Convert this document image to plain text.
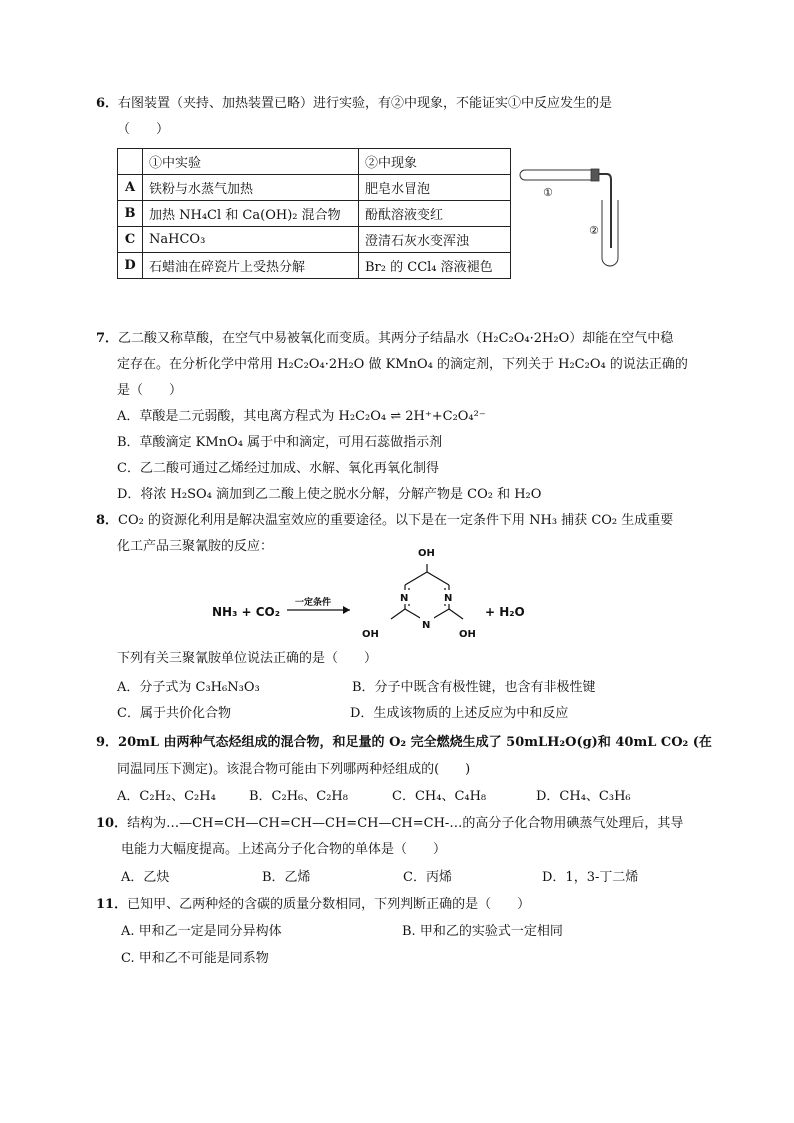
6．右图装置（夹持、加热装置已略）进行实验，有②中现象，不能证实①中反应发生的是
（　　）
	①中实验	②中现象
A	铁粉与水蒸气加热	肥皂水冒泡
B	加热 NH₄Cl 和 Ca(OH)₂ 混合物	酚酞溶液变红
C	NaHCO₃	澄清石灰水变浑浊
D	石蜡油在碎瓷片上受热分解	Br₂ 的 CCl₄ 溶液褪色
①
②
7．乙二酸又称草酸，在空气中易被氧化而变质。其两分子结晶水（H₂C₂O₄·2H₂O）却能在空气中稳
定存在。在分析化学中常用 H₂C₂O₄·2H₂O 做 KMnO₄ 的滴定剂，下列关于 H₂C₂O₄ 的说法正确的
是（　　）
A．草酸是二元弱酸，其电离方程式为 H₂C₂O₄ ⇌ 2H⁺+C₂O₄²⁻
B．草酸滴定 KMnO₄ 属于中和滴定，可用石蕊做指示剂
C．乙二酸可通过乙烯经过加成、水解、氧化再氧化制得
D．将浓 H₂SO₄ 滴加到乙二酸上使之脱水分解，分解产物是 CO₂ 和 H₂O
8．CO₂ 的资源化利用是解决温室效应的重要途径。以下是在一定条件下用 NH₃ 捕获 CO₂ 生成重要
化工产品三聚氰胺的反应：
NH₃ + CO₂
一定条件	N	N
N
OH
OH	OH
+ H₂O
下列有关三聚氰胺单位说法正确的是（　　）
A．分子式为 C₃H₆N₃O₃	B．分子中既含有极性键，也含有非极性键
C．属于共价化合物	D．生成该物质的上述反应为中和反应
9．20mL 由两种气态烃组成的混合物，和足量的 O₂ 完全燃烧生成了 50mLH₂O(g)和 40mL CO₂ (在
同温同压下测定)。该混合物可能由下列哪两种烃组成的(　　)
A．C₂H₂、C₂H₄	B．C₂H₆、C₂H₈	C．CH₄、C₄H₈	D．CH₄、C₃H₆
10．结构为…—CH=CH—CH=CH—CH=CH—CH=CH-…的高分子化合物用碘蒸气处理后，其导
电能力大幅度提高。上述高分子化合物的单体是（　　）
A．乙炔	B．乙烯	C．丙烯	D．1，3-丁二烯
11．已知甲、乙两种烃的含碳的质量分数相同，下列判断正确的是（　　）
A. 甲和乙一定是同分异构体	B. 甲和乙的实验式一定相同
C. 甲和乙不可能是同系物
